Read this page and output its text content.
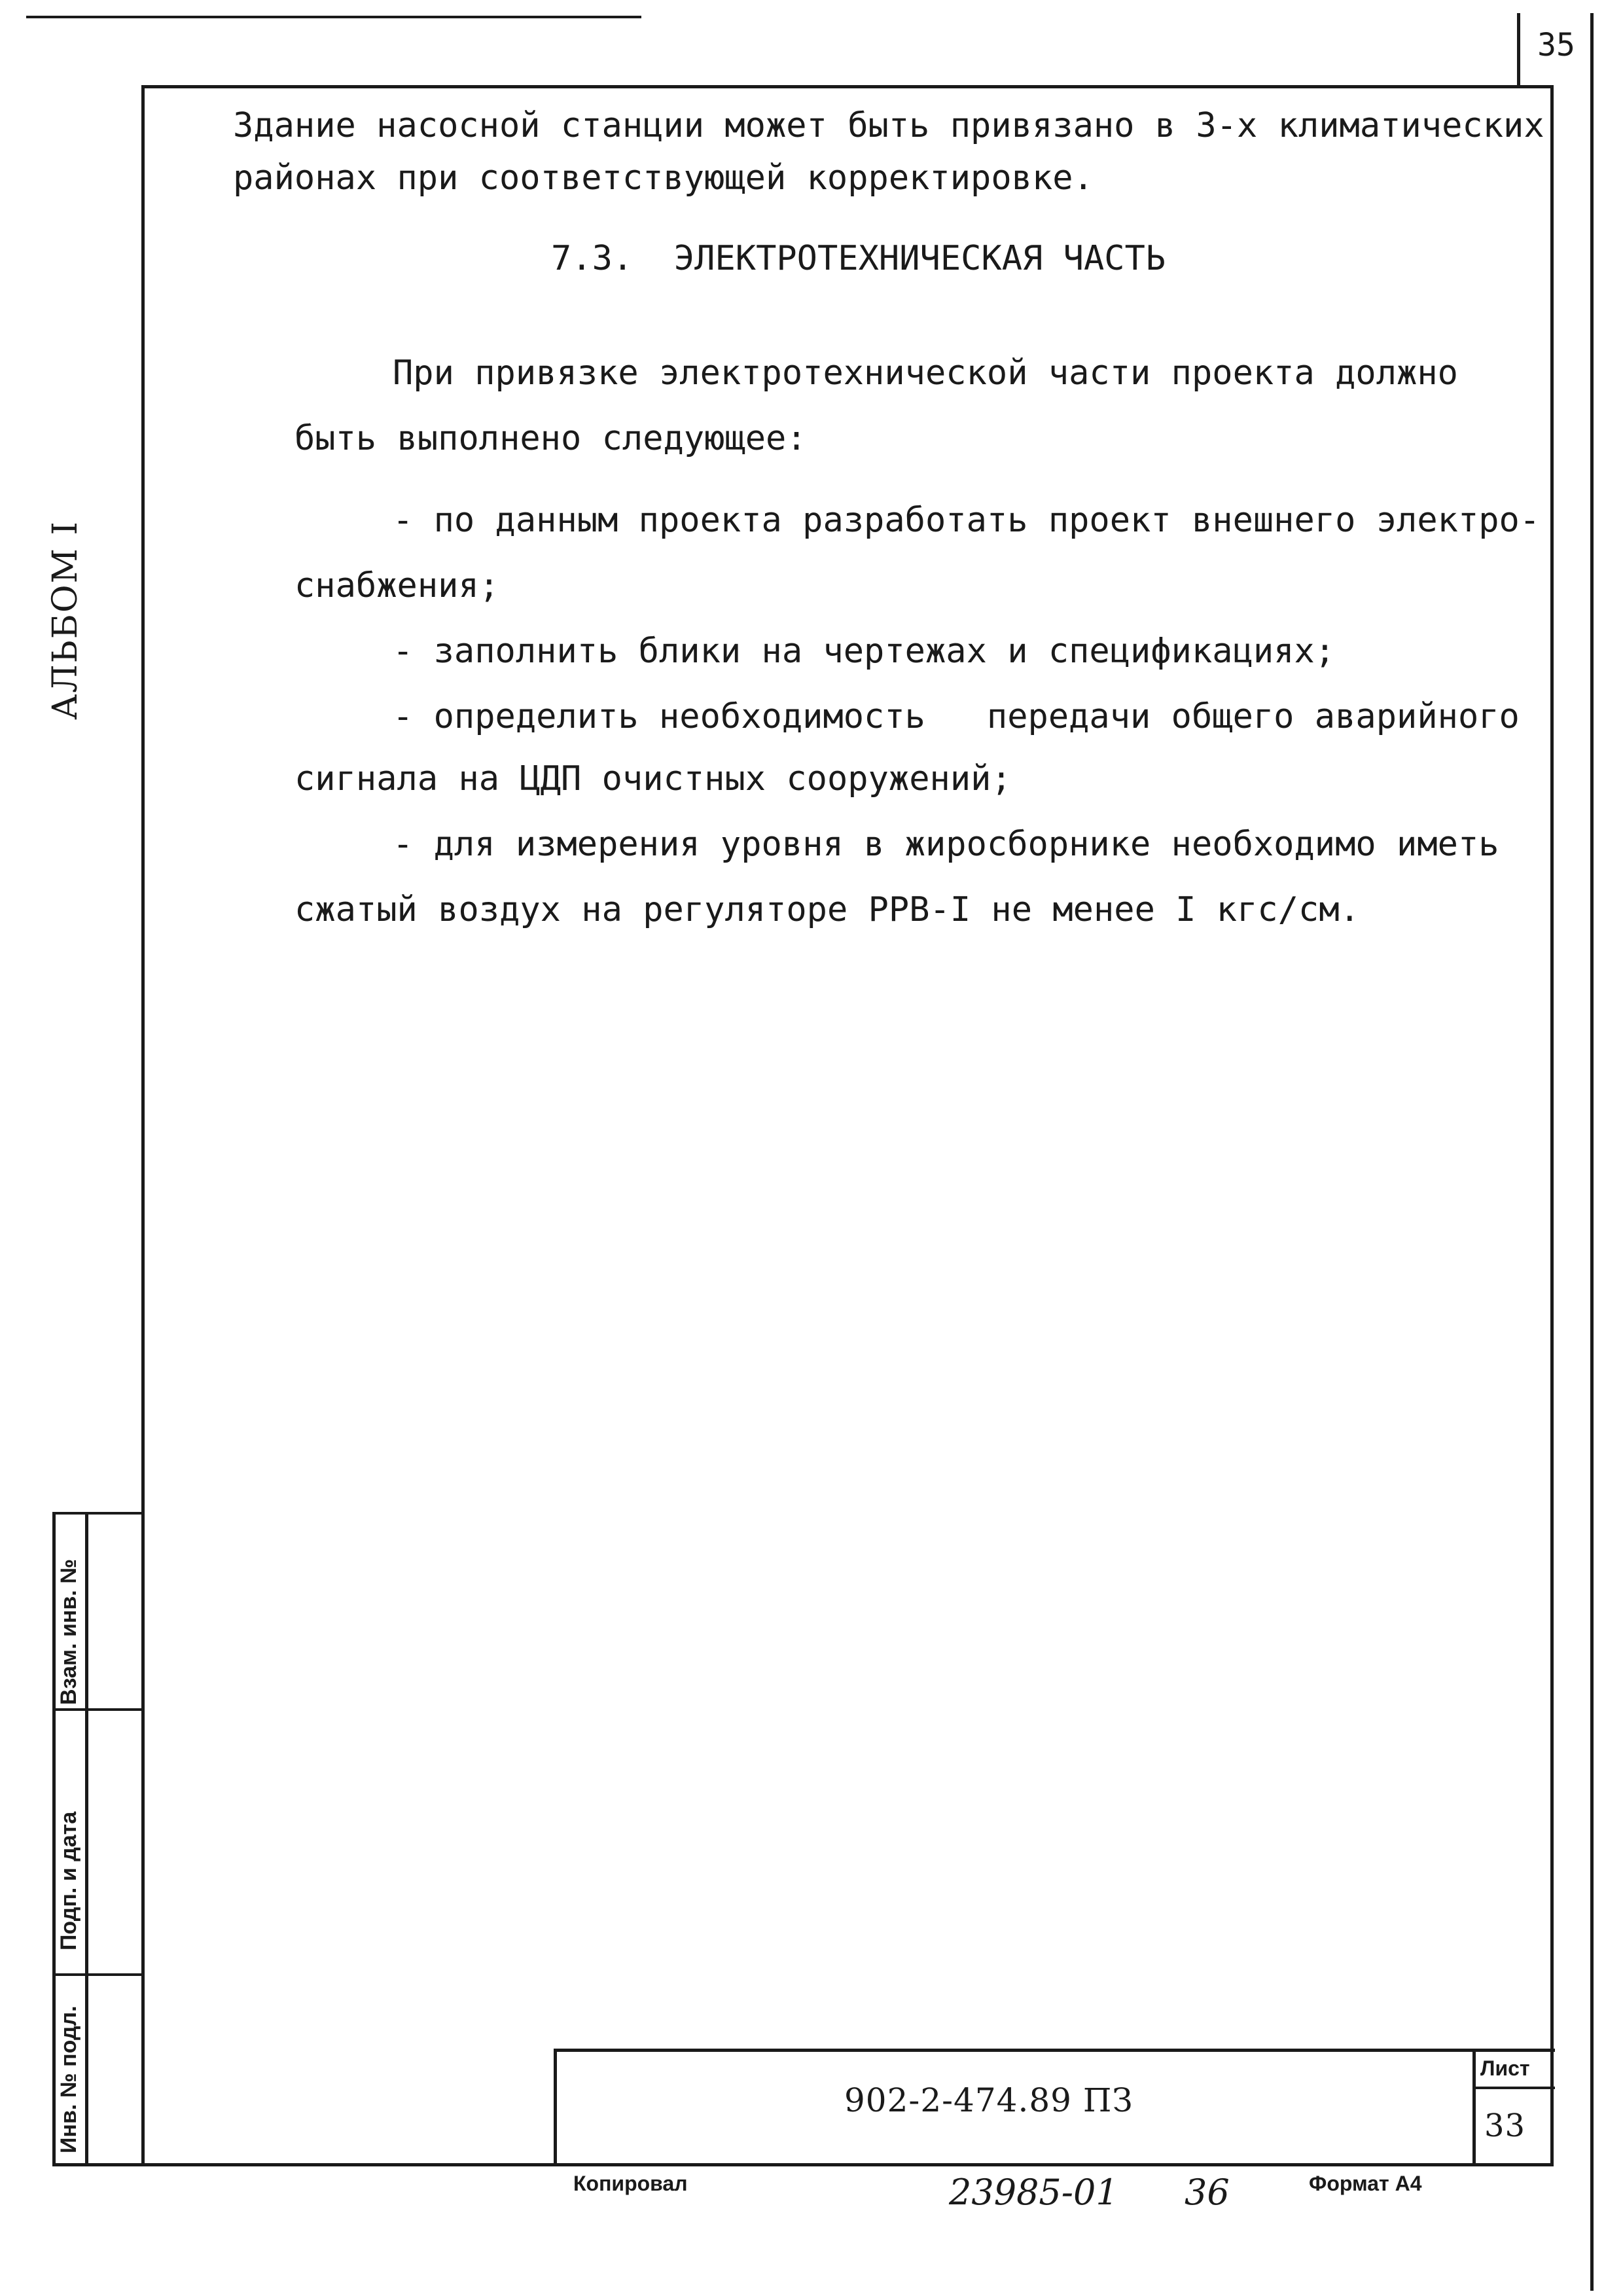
35
АЛЬБОМ I
Здание насосной станции может быть привязано в 3-х климатических
районах при соответствующей корректировке.
7.3.  ЭЛЕКТРОТЕХНИЧЕСКАЯ ЧАСТЬ
При привязке электротехнической части проекта должно
быть выполнено следующее:
- по данным проекта разработать проект внешнего электро-
снабжения;
- заполнить блики на чертежах и спецификациях;
- определить необходимость   передачи общего аварийного
сигнала на ЦДП очистных сооружений;
- для измерения уровня в жиросборнике необходимо иметь
сжатый воздух на регуляторе РРВ-I не менее I кгс/см.
Взам. инв. №
Подп. и дата
Инв. № подл.	902-2-474.89 ПЗ
Лист
33
Копировал	23985-01 36	Формат А4
